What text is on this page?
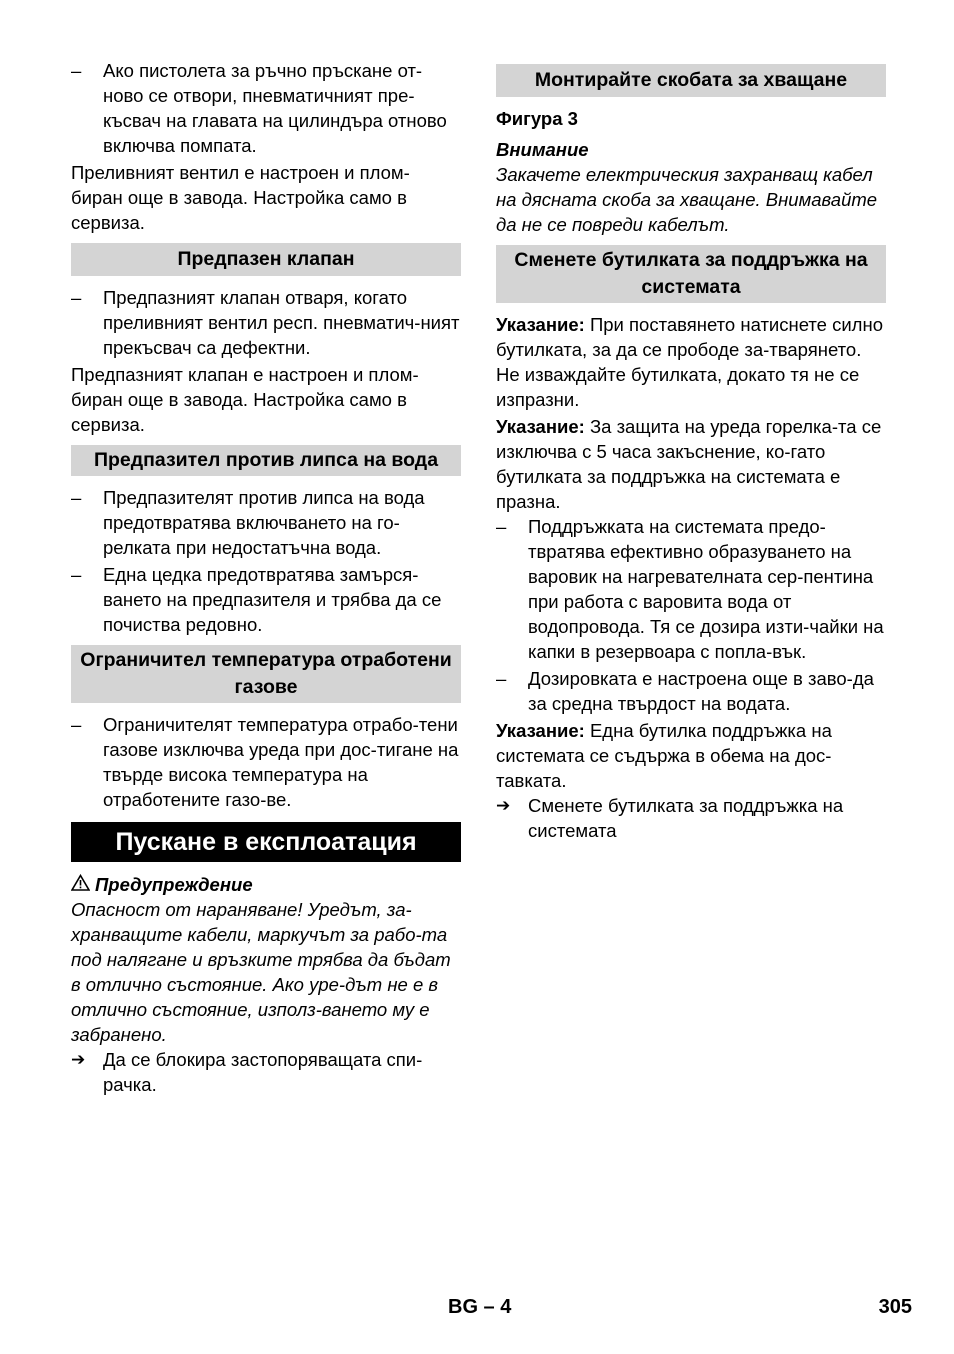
– Ако пистолета за ръчно пръскане от-ново се отвори, пневматичният пре-късвач на главата на цилиндъра отново включва помпата.

Преливният вентил е настроен и плом-биран още в завода. Настройка само в сервиза.

Предпазен клапан

– Предпазният клапан отваря, когато преливният вентил респ. пневматич-ният прекъсвач са дефектни.

Предпазният клапан е настроен и плом-биран още в завода. Настройка само в сервиза.

Предпазител против липса на вода

– Предпазителят против липса на вода предотвратява включването на го-релката при недостатъчна вода.

– Една цедка предотвратява замърся-ването на предпазителя и трябва да се почиства редовно.

Ограничител температура отработени газове

– Ограничителят температура отрабо-тени газове изключва уреда при дос-тигане на твърде висока температура на отработените газо-ве.

Пускане в експлоатация

Предупреждение

Опасност от нараняване! Уредът, за-хранващите кабели, маркучът за рабо-та под налягане и връзките трябва да бъдат в отлично състояние. Ако уре-дът не е в отлично състояние, използ-ването му е забранено.

➔ Да се блокира застопоряващата спи-рачка.

Монтирайте скобата за хващане

Фигура 3

Внимание

Закачете електрическия захранващ кабел на дясната скоба за хващане. Внимавайте да не се повреди кабелът.

Сменете бутилката за поддръжка на системата

Указание: При поставянето натиснете силно бутилката, за да се прободе за-тварянето. Не изваждайте бутилката, докато тя не се изпразни.

Указание: За защита на уреда горелка-та се изключва с 5 часа закъснение, ко-гато бутилката за поддръжка на системата е празна.

– Поддръжката на системата предо-твратява ефективно образуването на варовик на нагревателната сер-пентина при работа с варовита вода от водопровода. Тя се дозира изти-чайки на капки в резервоара с попла-вък.

– Дозировката е настроена още в заво-да за средна твърдост на водата.

Указание: Една бутилка поддръжка на системата се съдържа в обема на дос-тавката.

➔ Сменете бутилката за поддръжка на системата

BG – 4	305
